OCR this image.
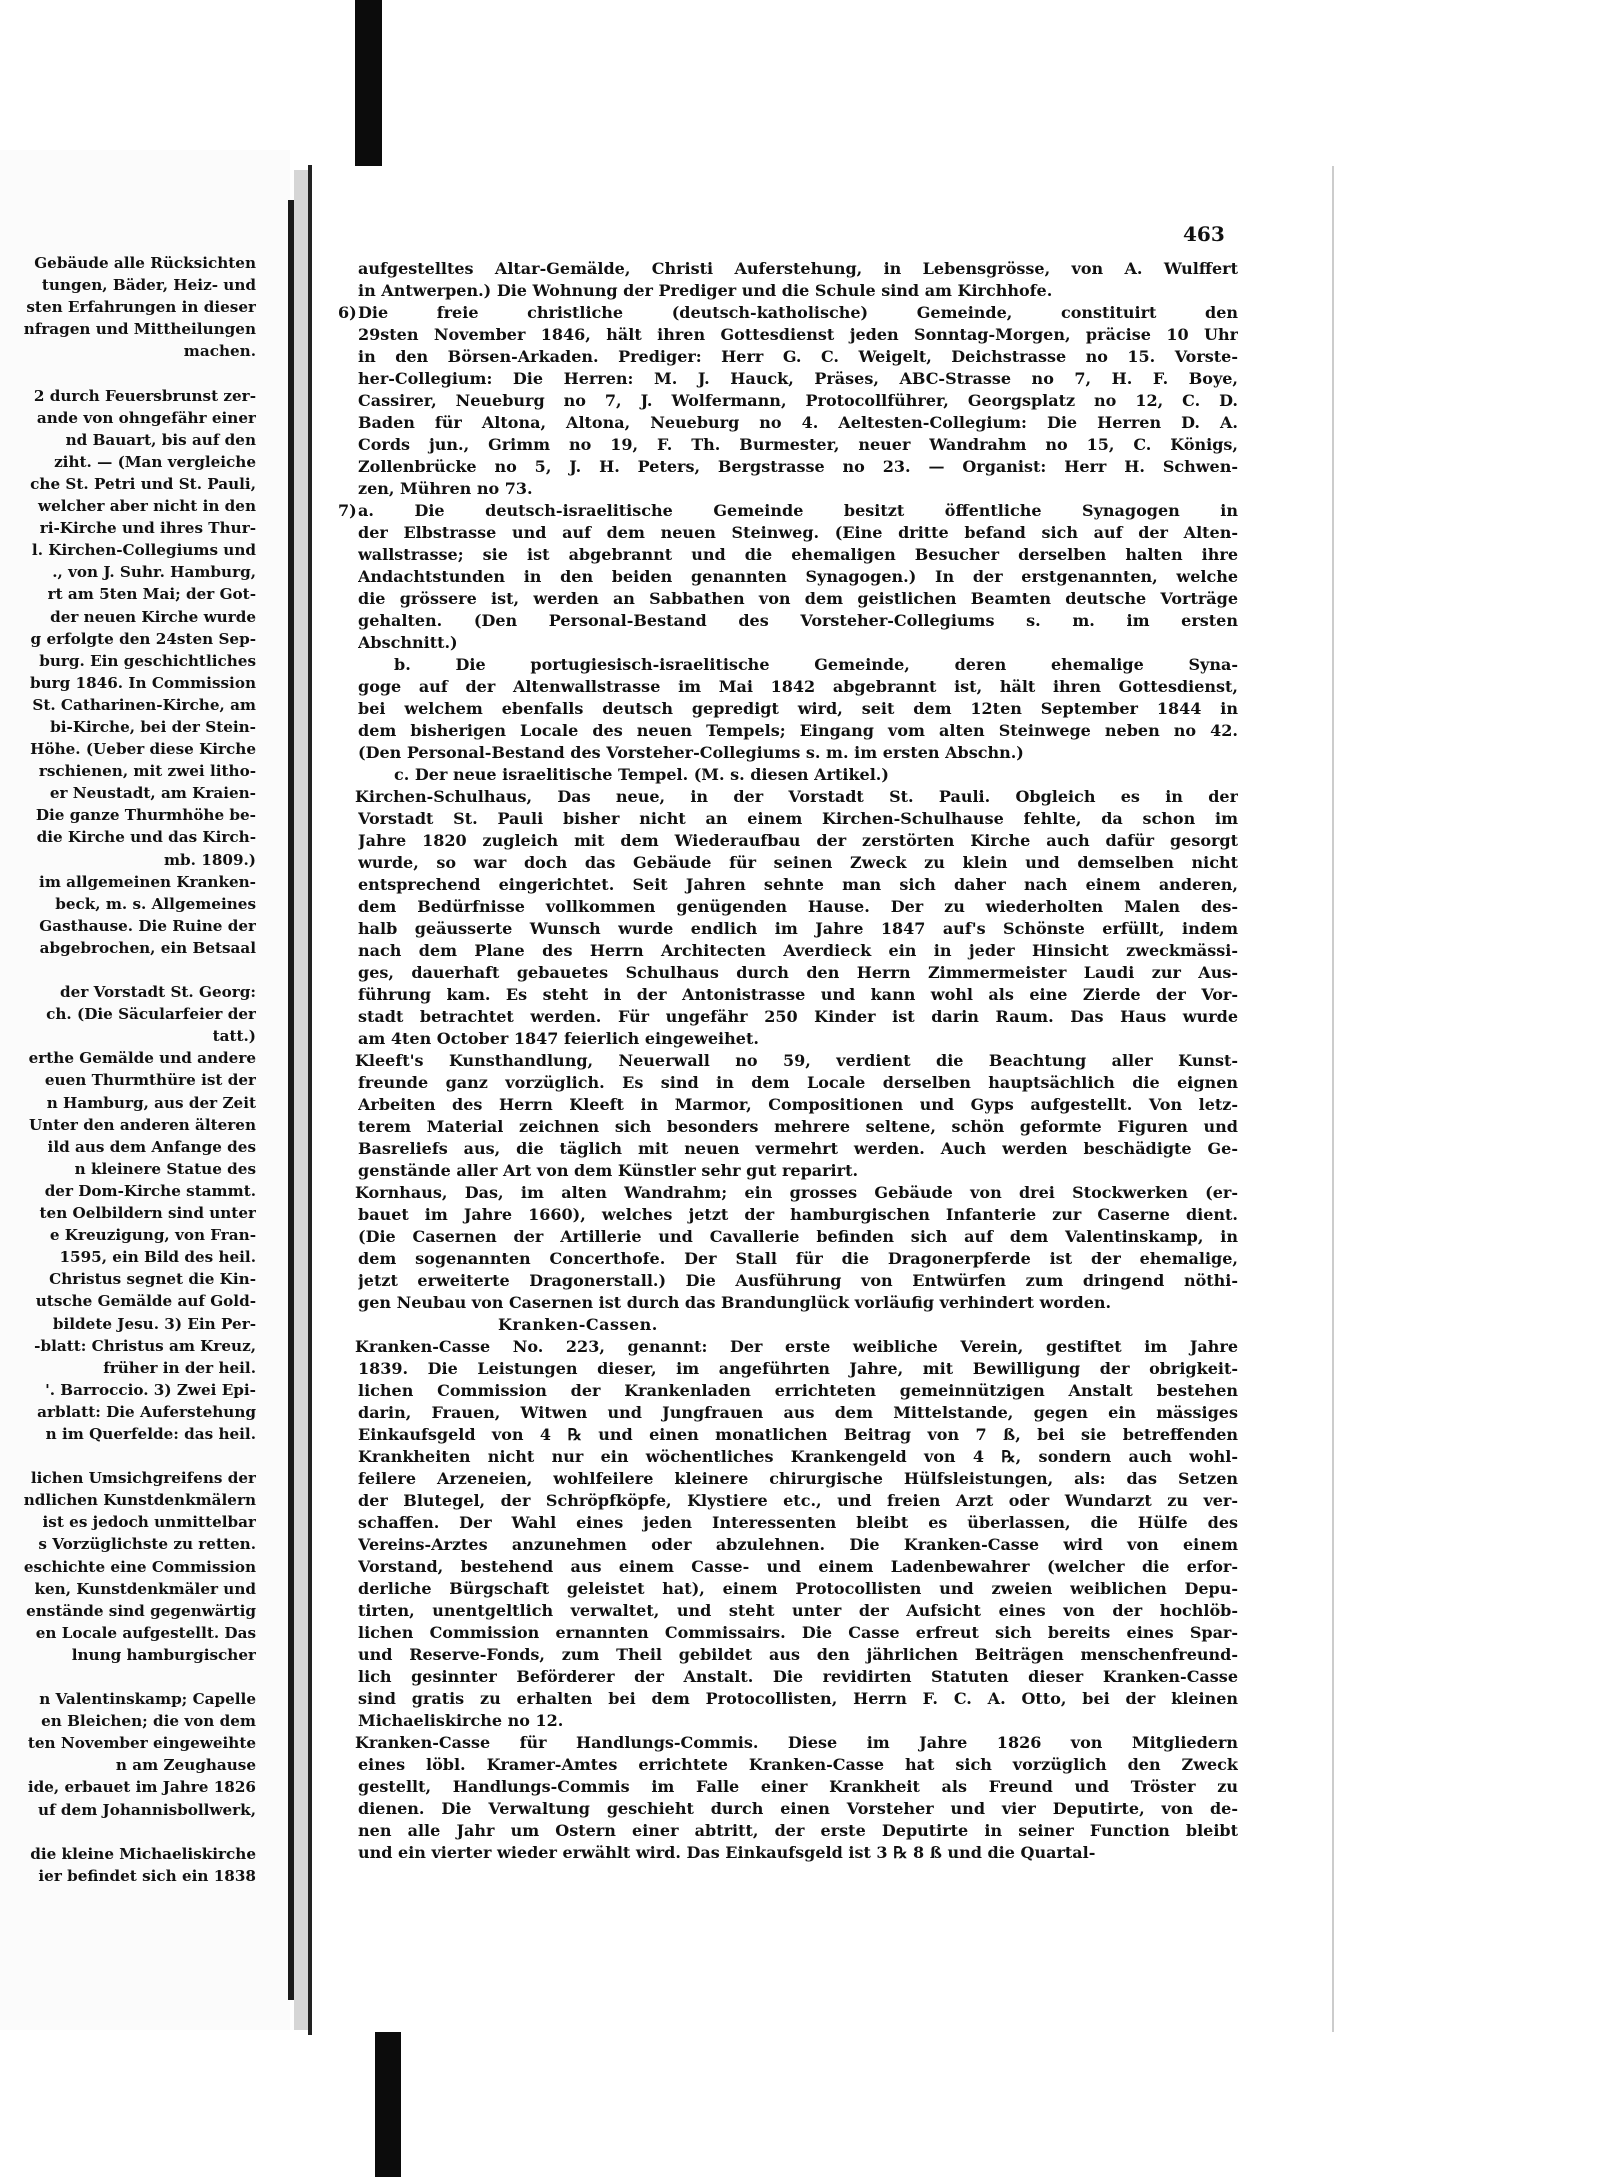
Gebäude alle Rücksichten
tungen, Bäder, Heiz- und
sten Erfahrungen in dieser
nfragen und Mittheilungen
machen.
2 durch Feuersbrunst zer-
ande von ohngefähr einer
nd Bauart, bis auf den
ziht. — (Man vergleiche
che St. Petri und St. Pauli,
welcher aber nicht in den
ri-Kirche und ihres Thur-
l. Kirchen-Collegiums und
., von J. Suhr. Hamburg,
rt am 5ten Mai; der Got-
der neuen Kirche wurde
g erfolgte den 24sten Sep-
burg. Ein geschichtliches
burg 1846. In Commission
St. Catharinen-Kirche, am
bi-Kirche, bei der Stein-
Höhe. (Ueber diese Kirche
rschienen, mit zwei litho-
er Neustadt, am Kraien-
Die ganze Thurmhöhe be-
die Kirche und das Kirch-
mb. 1809.)
im allgemeinen Kranken-
beck, m. s. Allgemeines
Gasthause. Die Ruine der
abgebrochen, ein Betsaal
der Vorstadt St. Georg:
ch. (Die Säcularfeier der
tatt.)
erthe Gemälde und andere
euen Thurmthüre ist der
n Hamburg, aus der Zeit
Unter den anderen älteren
ild aus dem Anfange des
n kleinere Statue des
der Dom-Kirche stammt.
ten Oelbildern sind unter
e Kreuzigung, von Fran-
1595, ein Bild des heil.
Christus segnet die Kin-
utsche Gemälde auf Gold-
bildete Jesu. 3) Ein Per-
-blatt: Christus am Kreuz,
früher in der heil.
'. Barroccio. 3) Zwei Epi-
arblatt: Die Auferstehung
n im Querfelde: das heil.
lichen Umsichgreifens der
ndlichen Kunstdenkmälern
ist es jedoch unmittelbar
s Vorzüglichste zu retten.
eschichte eine Commission
ken, Kunstdenkmäler und
enstände sind gegenwärtig
en Locale aufgestellt. Das
lnung hamburgischer
n Valentinskamp; Capelle
en Bleichen; die von dem
ten November eingeweihte
n am Zeughause
ide, erbauet im Jahre 1826
uf dem Johannisbollwerk,
die kleine Michaeliskirche
ier befindet sich ein 1838
463
aufgestelltes Altar-Gemälde, Christi Auferstehung, in Lebensgrösse, von A. Wulffert
in Antwerpen.) Die Wohnung der Prediger und die Schule sind am Kirchhofe.
6) Die freie christliche (deutsch-katholische) Gemeinde, constituirt den
29sten November 1846, hält ihren Gottesdienst jeden Sonntag-Morgen, präcise 10 Uhr
in den Börsen-Arkaden. Prediger: Herr G. C. Weigelt, Deichstrasse no 15. Vorste-
her-Collegium: Die Herren: M. J. Hauck, Präses, ABC-Strasse no 7, H. F. Boye,
Cassirer, Neueburg no 7, J. Wolfermann, Protocollführer, Georgsplatz no 12, C. D.
Baden für Altona, Altona, Neueburg no 4. Aeltesten-Collegium: Die Herren D. A.
Cords jun., Grimm no 19, F. Th. Burmester, neuer Wandrahm no 15, C. Königs,
Zollenbrücke no 5, J. H. Peters, Bergstrasse no 23. — Organist: Herr H. Schwen-
zen, Mühren no 73.
7) a. Die deutsch-israelitische Gemeinde besitzt öffentliche Synagogen in
der Elbstrasse und auf dem neuen Steinweg. (Eine dritte befand sich auf der Alten-
wallstrasse; sie ist abgebrannt und die ehemaligen Besucher derselben halten ihre
Andachtstunden in den beiden genannten Synagogen.) In der erstgenannten, welche
die grössere ist, werden an Sabbathen von dem geistlichen Beamten deutsche Vorträge
gehalten. (Den Personal-Bestand des Vorsteher-Collegiums s. m. im ersten
Abschnitt.)
b. Die portugiesisch-israelitische Gemeinde, deren ehemalige Syna-
goge auf der Altenwallstrasse im Mai 1842 abgebrannt ist, hält ihren Gottesdienst,
bei welchem ebenfalls deutsch gepredigt wird, seit dem 12ten September 1844 in
dem bisherigen Locale des neuen Tempels; Eingang vom alten Steinwege neben no 42.
(Den Personal-Bestand des Vorsteher-Collegiums s. m. im ersten Abschn.)
c. Der neue israelitische Tempel. (M. s. diesen Artikel.)
Kirchen-Schulhaus, Das neue, in der Vorstadt St. Pauli. Obgleich es in der
Vorstadt St. Pauli bisher nicht an einem Kirchen-Schulhause fehlte, da schon im
Jahre 1820 zugleich mit dem Wiederaufbau der zerstörten Kirche auch dafür gesorgt
wurde, so war doch das Gebäude für seinen Zweck zu klein und demselben nicht
entsprechend eingerichtet. Seit Jahren sehnte man sich daher nach einem anderen,
dem Bedürfnisse vollkommen genügenden Hause. Der zu wiederholten Malen des-
halb geäusserte Wunsch wurde endlich im Jahre 1847 auf's Schönste erfüllt, indem
nach dem Plane des Herrn Architecten Averdieck ein in jeder Hinsicht zweckmässi-
ges, dauerhaft gebauetes Schulhaus durch den Herrn Zimmermeister Laudi zur Aus-
führung kam. Es steht in der Antonistrasse und kann wohl als eine Zierde der Vor-
stadt betrachtet werden. Für ungefähr 250 Kinder ist darin Raum. Das Haus wurde
am 4ten October 1847 feierlich eingeweihet.
Kleeft's Kunsthandlung, Neuerwall no 59, verdient die Beachtung aller Kunst-
freunde ganz vorzüglich. Es sind in dem Locale derselben hauptsächlich die eignen
Arbeiten des Herrn Kleeft in Marmor, Compositionen und Gyps aufgestellt. Von letz-
terem Material zeichnen sich besonders mehrere seltene, schön geformte Figuren und
Basreliefs aus, die täglich mit neuen vermehrt werden. Auch werden beschädigte Ge-
genstände aller Art von dem Künstler sehr gut reparirt.
Kornhaus, Das, im alten Wandrahm; ein grosses Gebäude von drei Stockwerken (er-
bauet im Jahre 1660), welches jetzt der hamburgischen Infanterie zur Caserne dient.
(Die Casernen der Artillerie und Cavallerie befinden sich auf dem Valentinskamp, in
dem sogenannten Concerthofe. Der Stall für die Dragonerpferde ist der ehemalige,
jetzt erweiterte Dragonerstall.) Die Ausführung von Entwürfen zum dringend nöthi-
gen Neubau von Casernen ist durch das Brandunglück vorläufig verhindert worden.
Kranken-Cassen.
Kranken-Casse No. 223, genannt: Der erste weibliche Verein, gestiftet im Jahre
1839. Die Leistungen dieser, im angeführten Jahre, mit Bewilligung der obrigkeit-
lichen Commission der Krankenladen errichteten gemeinnützigen Anstalt bestehen
darin, Frauen, Witwen und Jungfrauen aus dem Mittelstande, gegen ein mässiges
Einkaufsgeld von 4 ℞ und einen monatlichen Beitrag von 7 ß, bei sie betreffenden
Krankheiten nicht nur ein wöchentliches Krankengeld von 4 ℞, sondern auch wohl-
feilere Arzeneien, wohlfeilere kleinere chirurgische Hülfsleistungen, als: das Setzen
der Blutegel, der Schröpfköpfe, Klystiere etc., und freien Arzt oder Wundarzt zu ver-
schaffen. Der Wahl eines jeden Interessenten bleibt es überlassen, die Hülfe des
Vereins-Arztes anzunehmen oder abzulehnen. Die Kranken-Casse wird von einem
Vorstand, bestehend aus einem Casse- und einem Ladenbewahrer (welcher die erfor-
derliche Bürgschaft geleistet hat), einem Protocollisten und zweien weiblichen Depu-
tirten, unentgeltlich verwaltet, und steht unter der Aufsicht eines von der hochlöb-
lichen Commission ernannten Commissairs. Die Casse erfreut sich bereits eines Spar-
und Reserve-Fonds, zum Theil gebildet aus den jährlichen Beiträgen menschenfreund-
lich gesinnter Beförderer der Anstalt. Die revidirten Statuten dieser Kranken-Casse
sind gratis zu erhalten bei dem Protocollisten, Herrn F. C. A. Otto, bei der kleinen
Michaeliskirche no 12.
Kranken-Casse für Handlungs-Commis. Diese im Jahre 1826 von Mitgliedern
eines löbl. Kramer-Amtes errichtete Kranken-Casse hat sich vorzüglich den Zweck
gestellt, Handlungs-Commis im Falle einer Krankheit als Freund und Tröster zu
dienen. Die Verwaltung geschieht durch einen Vorsteher und vier Deputirte, von de-
nen alle Jahr um Ostern einer abtritt, der erste Deputirte in seiner Function bleibt
und ein vierter wieder erwählt wird. Das Einkaufsgeld ist 3 ℞ 8 ß und die Quartal-
